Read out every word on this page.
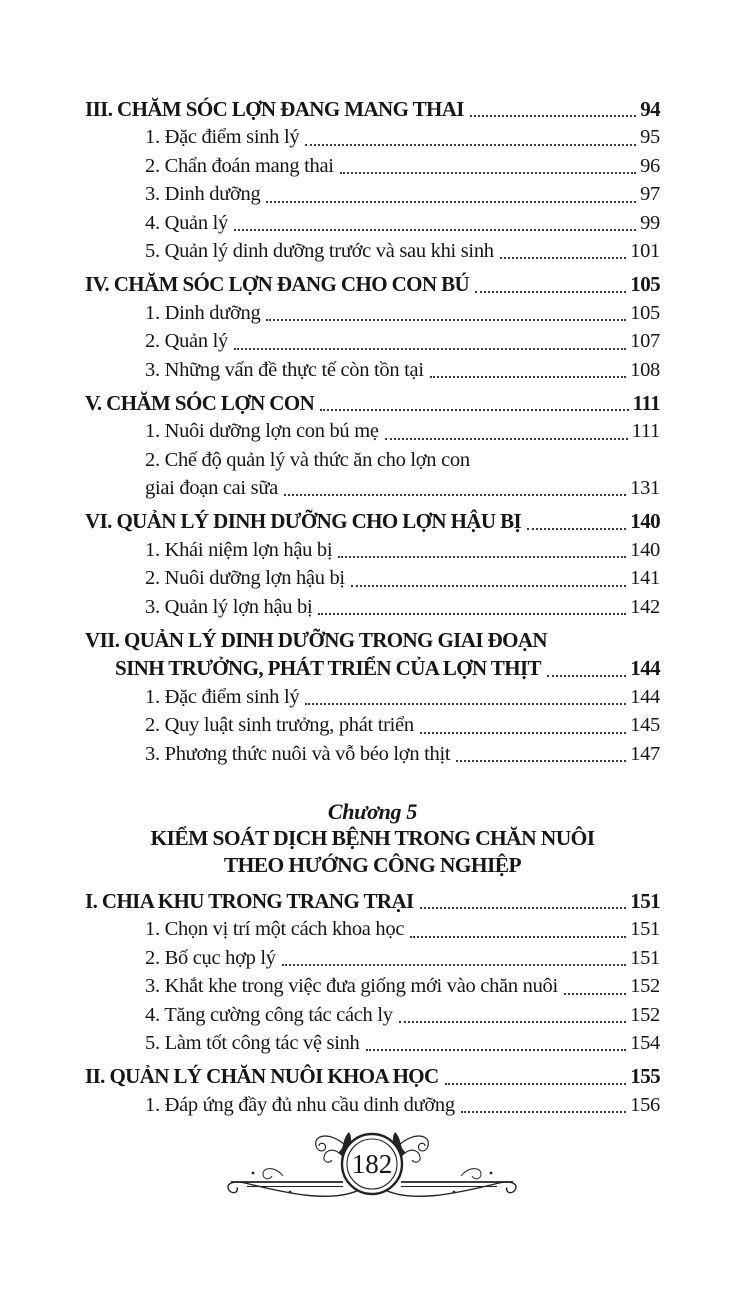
III. CHĂM SÓC LỢN ĐANG MANG THAI	94
1. Đặc điểm sinh lý	95
2. Chẩn đoán mang thai	96
3. Dinh dưỡng	97
4. Quản lý	99
5. Quản lý dinh dưỡng trước và sau khi sinh	101
IV. CHĂM SÓC LỢN ĐANG CHO CON BÚ	105
1. Dinh dưỡng	105
2. Quản lý	107
3. Những vấn đề thực tế còn tồn tại	108
V. CHĂM SÓC LỢN CON	111
1. Nuôi dưỡng lợn con bú mẹ	111
2. Chế độ quản lý và thức ăn cho lợn con
giai đoạn cai sữa	131
VI. QUẢN LÝ DINH DƯỠNG CHO LỢN HẬU BỊ	140
1. Khái niệm lợn hậu bị	140
2. Nuôi dưỡng lợn hậu bị	141
3. Quản lý lợn hậu bị	142
VII. QUẢN LÝ DINH DƯỠNG TRONG GIAI ĐOẠN
SINH TRƯỞNG, PHÁT TRIỂN CỦA LỢN THỊT	144
1. Đặc điểm sinh lý	144
2. Quy luật sinh trưởng, phát triển	145
3. Phương thức nuôi và vỗ béo lợn thịt	147
Chương 5
KIỂM SOÁT DỊCH BỆNH TRONG CHĂN NUÔI
THEO HƯỚNG CÔNG NGHIỆP
I. CHIA KHU TRONG TRANG TRẠI	151
1. Chọn vị trí một cách khoa học	151
2. Bố cục hợp lý	151
3. Khắt khe trong việc đưa giống mới vào chăn nuôi	152
4. Tăng cường công tác cách ly	152
5. Làm tốt công tác vệ sinh	154
II. QUẢN LÝ CHĂN NUÔI KHOA HỌC	155
1. Đáp ứng đầy đủ nhu cầu dinh dưỡng	156
182
